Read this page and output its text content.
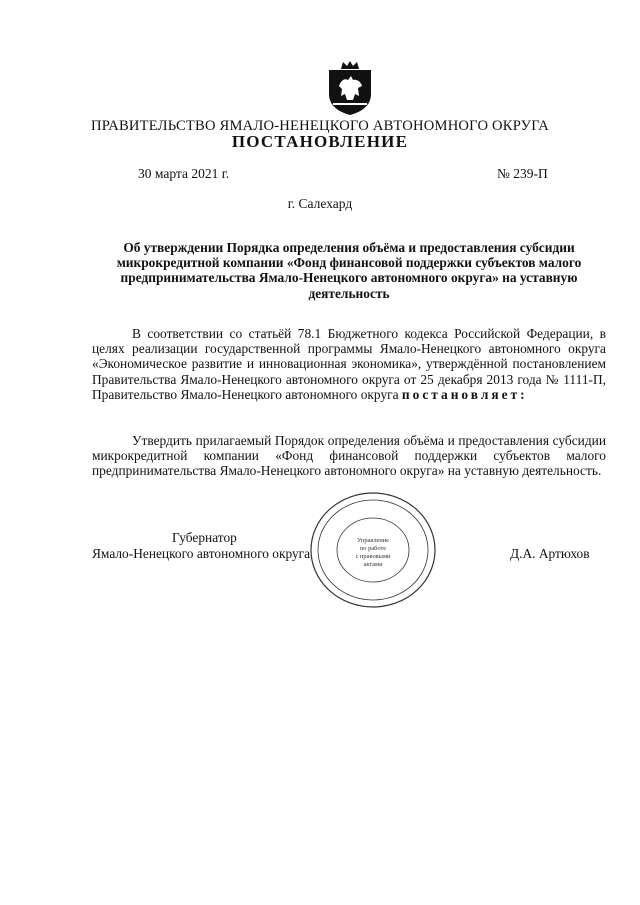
ПРАВИТЕЛЬСТВО ЯМАЛО-НЕНЕЦКОГО АВТОНОМНОГО ОКРУГА
ПОСТАНОВЛЕНИЕ
30 марта 2021 г.	№ 239-П
г. Салехард
Об утверждении Порядка определения объёма и предоставления субсидии микрокредитной компании «Фонд финансовой поддержки субъектов малого предпринимательства Ямало-Ненецкого автономного округа» на уставную деятельность
В соответствии со статьёй 78.1 Бюджетного кодекса Российской Федерации, в целях реализации государственной программы Ямало-Ненецкого автономного округа «Экономическое развитие и инновационная экономика», утверждённой постановлением Правительства Ямало-Ненецкого автономного округа от 25 декабря 2013 года № 1111-П, Правительство Ямало-Ненецкого автономного округа постановляет:
Утвердить прилагаемый Порядок определения объёма и предоставления субсидии микрокредитной компании «Фонд финансовой поддержки субъектов малого предпринимательства Ямало-Ненецкого автономного округа» на уставную деятельность.
Губернатор
Ямало-Ненецкого автономного округа	Д.А. Артюхов
Управление
по работе
с правовыми
актами
